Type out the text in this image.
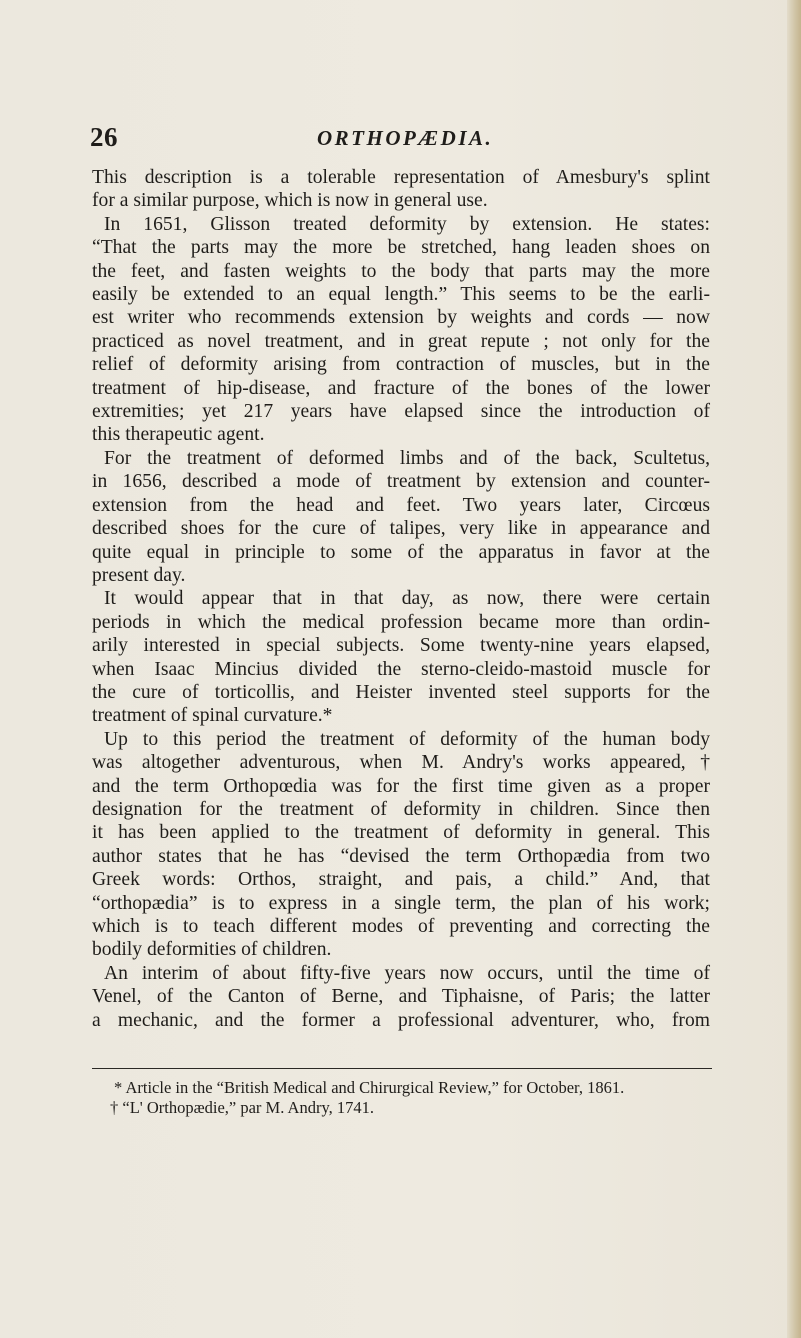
26	ORTHOPÆDIA.
This description is a tolerable representation of Amesbury's splint
for a similar purpose, which is now in general use.
In 1651, Glisson treated deformity by extension. He states:
“That the parts may the more be stretched, hang leaden shoes on
the feet, and fasten weights to the body that parts may the more
easily be extended to an equal length.” This seems to be the earli-
est writer who recommends extension by weights and cords — now
practiced as novel treatment, and in great repute ; not only for the
relief of deformity arising from contraction of muscles, but in the
treatment of hip-disease, and fracture of the bones of the lower
extremities; yet 217 years have elapsed since the introduction of
this therapeutic agent.
For the treatment of deformed limbs and of the back, Scultetus,
in 1656, described a mode of treatment by extension and counter-
extension from the head and feet. Two years later, Circœus
described shoes for the cure of talipes, very like in appearance and
quite equal in principle to some of the apparatus in favor at the
present day.
It would appear that in that day, as now, there were certain
periods in which the medical profession became more than ordin-
arily interested in special subjects. Some twenty-nine years elapsed,
when Isaac Mincius divided the sterno-cleido-mastoid muscle for
the cure of torticollis, and Heister invented steel supports for the
treatment of spinal curvature.*
Up to this period the treatment of deformity of the human body
was altogether adventurous, when M. Andry's works appeared,†
and the term Orthopœdia was for the first time given as a proper
designation for the treatment of deformity in children. Since then
it has been applied to the treatment of deformity in general. This
author states that he has “devised the term Orthopædia from two
Greek words: Orthos, straight, and pais, a child.” And, that
“orthopædia” is to express in a single term, the plan of his work;
which is to teach different modes of preventing and correcting the
bodily deformities of children.
An interim of about fifty-five years now occurs, until the time of
Venel, of the Canton of Berne, and Tiphaisne, of Paris; the latter
a mechanic, and the former a professional adventurer, who, from
* Article in the “British Medical and Chirurgical Review,” for October, 1861.
† “L' Orthopædie,” par M. Andry, 1741.
